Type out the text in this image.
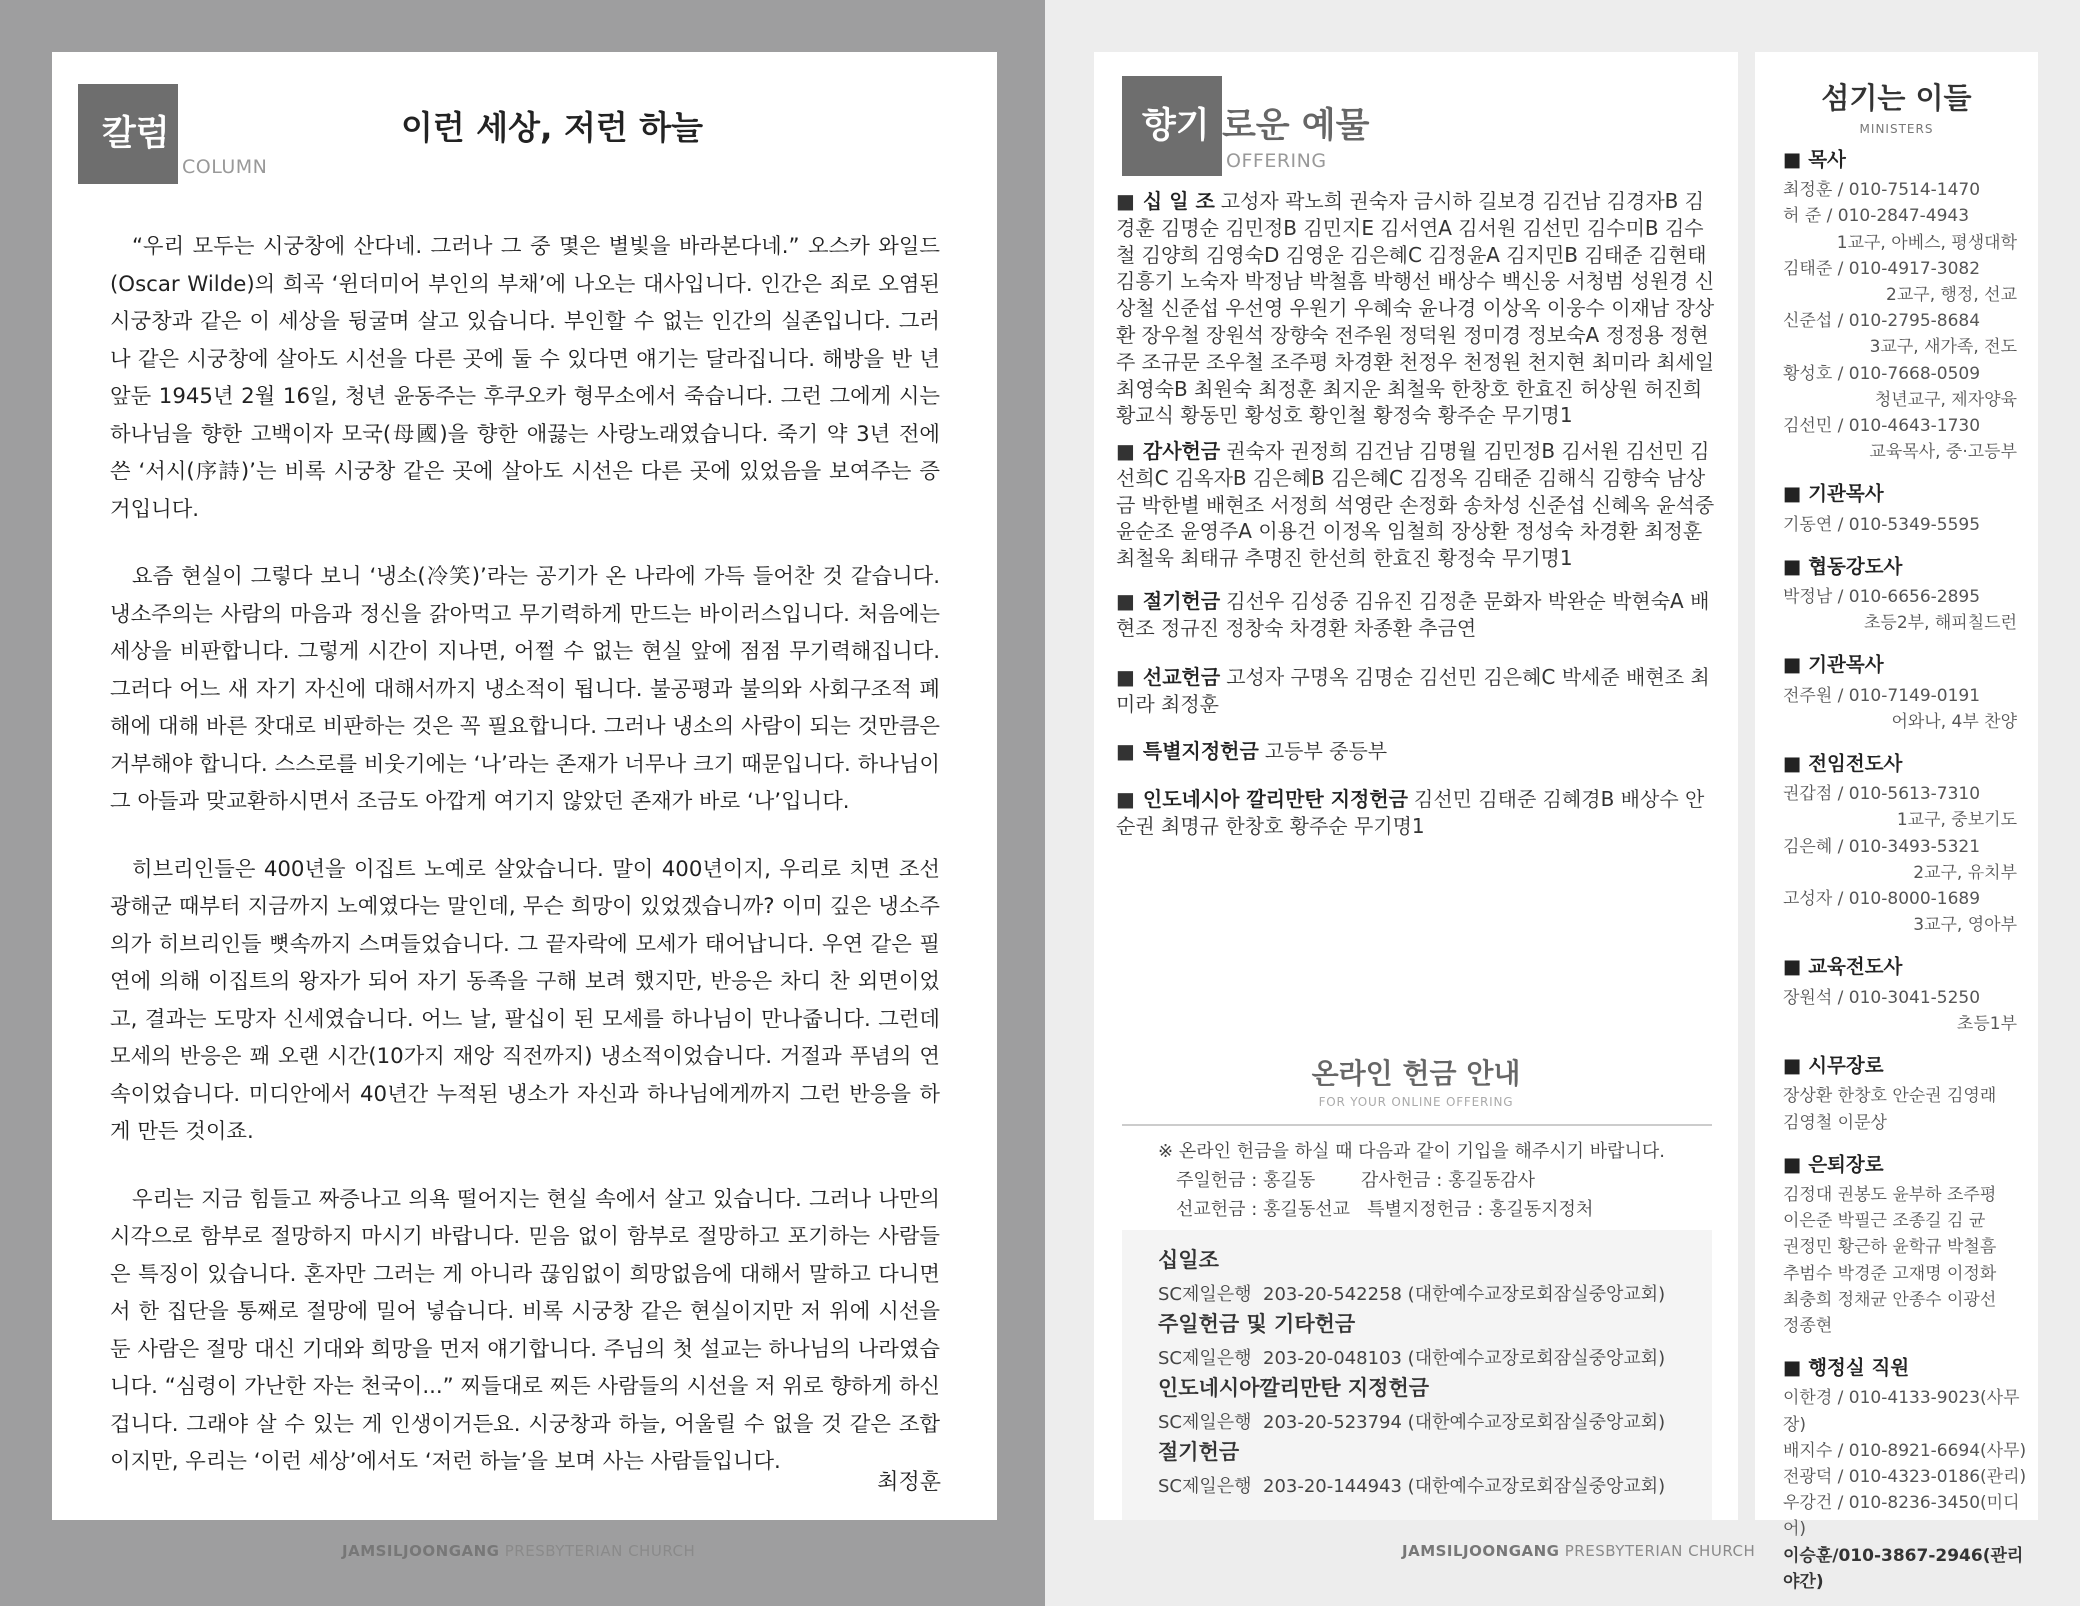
칼럼
COLUMN
이런 세상, 저런 하늘

“우리 모두는 시궁창에 산다네. 그러나 그 중 몇은 별빛을 바라본다네.” 오스카 와일드(Oscar Wilde)의 희곡 ‘윈더미어 부인의 부채’에 나오는 대사입니다. 인간은 죄로 오염된 시궁창과 같은 이 세상을 뒹굴며 살고 있습니다. 부인할 수 없는 인간의 실존입니다. 그러나 같은 시궁창에 살아도 시선을 다른 곳에 둘 수 있다면 얘기는 달라집니다. 해방을 반 년 앞둔 1945년 2월 16일, 청년 윤동주는 후쿠오카 형무소에서 죽습니다. 그런 그에게 시는 하나님을 향한 고백이자 모국(母國)을 향한 애끓는 사랑노래였습니다. 죽기 약 3년 전에 쓴 ‘서시(序詩)’는 비록 시궁창 같은 곳에 살아도 시선은 다른 곳에 있었음을 보여주는 증거입니다.

요즘 현실이 그렇다 보니 ‘냉소(冷笑)’라는 공기가 온 나라에 가득 들어찬 것 같습니다. 냉소주의는 사람의 마음과 정신을 갉아먹고 무기력하게 만드는 바이러스입니다. 처음에는 세상을 비판합니다. 그렇게 시간이 지나면, 어쩔 수 없는 현실 앞에 점점 무기력해집니다. 그러다 어느 새 자기 자신에 대해서까지 냉소적이 됩니다. 불공평과 불의와 사회구조적 폐해에 대해 바른 잣대로 비판하는 것은 꼭 필요합니다. 그러나 냉소의 사람이 되는 것만큼은 거부해야 합니다. 스스로를 비웃기에는 ‘나’라는 존재가 너무나 크기 때문입니다. 하나님이 그 아들과 맞교환하시면서 조금도 아깝게 여기지 않았던 존재가 바로 ‘나’입니다.

히브리인들은 400년을 이집트 노예로 살았습니다. 말이 400년이지, 우리로 치면 조선 광해군 때부터 지금까지 노예였다는 말인데, 무슨 희망이 있었겠습니까? 이미 깊은 냉소주의가 히브리인들 뼛속까지 스며들었습니다. 그 끝자락에 모세가 태어납니다. 우연 같은 필연에 의해 이집트의 왕자가 되어 자기 동족을 구해 보려 했지만, 반응은 차디 찬 외면이었고, 결과는 도망자 신세였습니다. 어느 날, 팔십이 된 모세를 하나님이 만나줍니다. 그런데 모세의 반응은 꽤 오랜 시간(10가지 재앙 직전까지) 냉소적이었습니다. 거절과 푸념의 연속이었습니다. 미디안에서 40년간 누적된 냉소가 자신과 하나님에게까지 그런 반응을 하게 만든 것이죠.

우리는 지금 힘들고 짜증나고 의욕 떨어지는 현실 속에서 살고 있습니다. 그러나 나만의 시각으로 함부로 절망하지 마시기 바랍니다. 믿음 없이 함부로 절망하고 포기하는 사람들은 특징이 있습니다. 혼자만 그러는 게 아니라 끊임없이 희망없음에 대해서 말하고 다니면서 한 집단을 통째로 절망에 밀어 넣습니다. 비록 시궁창 같은 현실이지만 저 위에 시선을 둔 사람은 절망 대신 기대와 희망을 먼저 얘기합니다. 주님의 첫 설교는 하나님의 나라였습니다. “심령이 가난한 자는 천국이...” 찌들대로 찌든 사람들의 시선을 저 위로 향하게 하신 겁니다. 그래야 살 수 있는 게 인생이거든요. 시궁창과 하늘, 어울릴 수 없을 것 같은 조합이지만, 우리는 ‘이런 세상’에서도 ‘저런 하늘’을 보며 사는 사람들입니다.

최정훈
JAMSILJOONGANG PRESBYTERIAN CHURCH
향기 로운 예물
OFFERING
■ 십 일 조 고성자 곽노희 권숙자 금시하 길보경 김건남 김경자B 김경훈 김명순 김민정B 김민지E 김서연A 김서원 김선민 김수미B 김수철 김양희 김영숙D 김영운 김은혜C 김정윤A 김지민B 김태준 김현태 김흥기 노숙자 박정남 박철흠 박행선 배상수 백신웅 서청범 성원경 신상철 신준섭 우선영 우원기 우혜숙 윤나경 이상옥 이웅수 이재남 장상환 장우철 장원석 장향숙 전주원 정덕원 정미경 정보숙A 정정용 정현주 조규문 조우철 조주평 차경환 천정우 천정원 천지현 최미라 최세일 최영숙B 최원숙 최정훈 최지운 최철욱 한창호 한효진 허상원 허진희 황교식 황동민 황성호 황인철 황정숙 황주순 무기명1
■ 감사헌금 권숙자 권정희 김건남 김명월 김민정B 김서원 김선민 김선희C 김옥자B 김은혜B 김은혜C 김정옥 김태준 김해식 김향숙 남상금 박한별 배현조 서정희 석영란 손정화 송차성 신준섭 신혜옥 윤석중 윤순조 윤영주A 이용건 이정옥 임철희 장상환 정성숙 차경환 최정훈 최철욱 최태규 추명진 한선희 한효진 황정숙 무기명1
■ 절기헌금 김선우 김성중 김유진 김정춘 문화자 박완순 박현숙A 배현조 정규진 정창숙 차경환 차종환 추금연
■ 선교헌금 고성자 구명옥 김명순 김선민 김은혜C 박세준 배현조 최미라 최정훈
■ 특별지정헌금 고등부 중등부
■ 인도네시아 깔리만탄 지정헌금 김선민 김태준 김혜경B 배상수 안순권 최명규 한창호 황주순 무기명1
온라인 헌금 안내
FOR YOUR ONLINE OFFERING
※ 온라인 헌금을 하실 때 다음과 같이 기입을 해주시기 바랍니다.
주일헌금 : 홍길동        감사헌금 : 홍길동감사
선교헌금 : 홍길동선교   특별지정헌금 : 홍길동지정처
십일조
SC제일은행  203-20-542258 (대한예수교장로회잠실중앙교회)
주일헌금 및 기타헌금
SC제일은행  203-20-048103 (대한예수교장로회잠실중앙교회)
인도네시아깔리만탄 지정헌금
SC제일은행  203-20-523794 (대한예수교장로회잠실중앙교회)
절기헌금
SC제일은행  203-20-144943 (대한예수교장로회잠실중앙교회)
섬기는 이들
MINISTERS
■ 목사
최정훈 / 010-7514-1470
허 준 / 010-2847-4943
1교구, 아베스, 평생대학
김태준 / 010-4917-3082
2교구, 행정, 선교
신준섭 / 010-2795-8684
3교구, 새가족, 전도
황성호 / 010-7668-0509
청년교구, 제자양육
김선민 / 010-4643-1730
교육목사, 중·고등부
■ 기관목사
기동연 / 010-5349-5595
■ 협동강도사
박정남 / 010-6656-2895
초등2부, 해피칠드런
■ 기관목사
전주원 / 010-7149-0191
어와나, 4부 찬양
■ 전임전도사
권갑점 / 010-5613-7310
1교구, 중보기도
김은혜 / 010-3493-5321
2교구, 유치부
고성자 / 010-8000-1689
3교구, 영아부
■ 교육전도사
장원석 / 010-3041-5250
초등1부
■ 시무장로
장상환 한창호 안순권 김영래
김영철 이문상
■ 은퇴장로
김정대 권봉도 윤부하 조주평
이은준 박필근 조종길 김 균
권정민 황근하 윤학규 박철흠
추범수 박경준 고재명 이정화
최충희 정채균 안종수 이광선
정종현
■ 행정실 직원
이한경 / 010-4133-9023(사무장)
배지수 / 010-8921-6694(사무)
전광덕 / 010-4323-0186(관리)
우강건 / 010-8236-3450(미디어)
이승훈/010-3867-2946(관리야간)
JAMSILJOONGANG PRESBYTERIAN CHURCH
